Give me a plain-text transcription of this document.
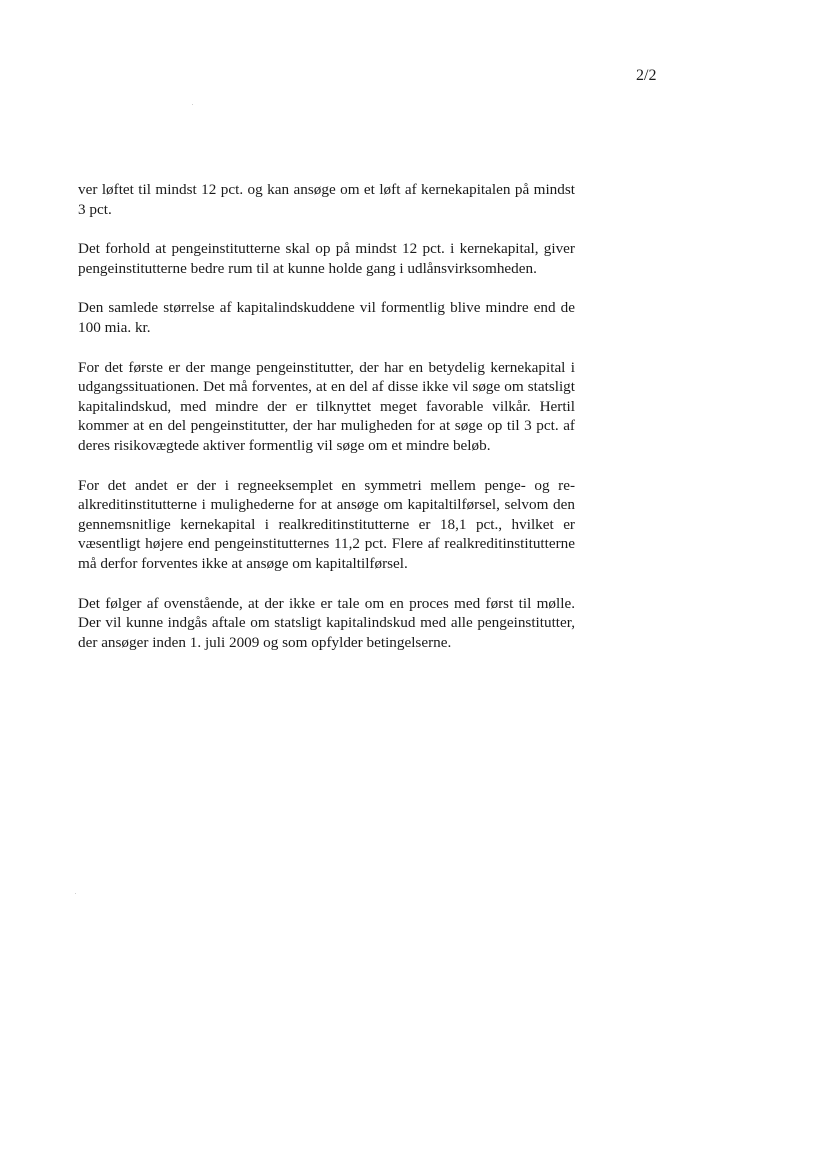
2/2

ver løftet til mindst 12 pct. og kan ansøge om et løft af kernekapitalen på mindst 3 pct.

Det forhold at pengeinstitutterne skal op på mindst 12 pct. i kernekapital, giver pengeinstitutterne bedre rum til at kunne holde gang i udlånsvirksomheden.

Den samlede størrelse af kapitalindskuddene vil formentlig blive mindre end de 100 mia. kr.

For det første er der mange pengeinstitutter, der har en betydelig kernekapital i udgangssituationen. Det må forventes, at en del af disse ikke vil søge om statsligt kapitalindskud, med mindre der er tilknyttet meget favorable vilkår. Hertil kommer at en del pengeinstitutter, der har muligheden for at søge op til 3 pct. af deres risikovægtede aktiver formentlig vil søge om et mindre beløb.

For det andet er der i regneeksemplet en symmetri mellem penge- og realkreditinstitutterne i mulighederne for at ansøge om kapitaltilførsel, selvom den gennemsnitlige kernekapital i realkreditinstitutterne er 18,1 pct., hvilket er væsentligt højere end pengeinstitutternes 11,2 pct. Flere af realkreditinstitutterne må derfor forventes ikke at ansøge om kapitaltilførsel.

Det følger af ovenstående, at der ikke er tale om en proces med først til mølle. Der vil kunne indgås aftale om statsligt kapitalindskud med alle pengeinstitutter, der ansøger inden 1. juli 2009 og som opfylder betingelserne.
